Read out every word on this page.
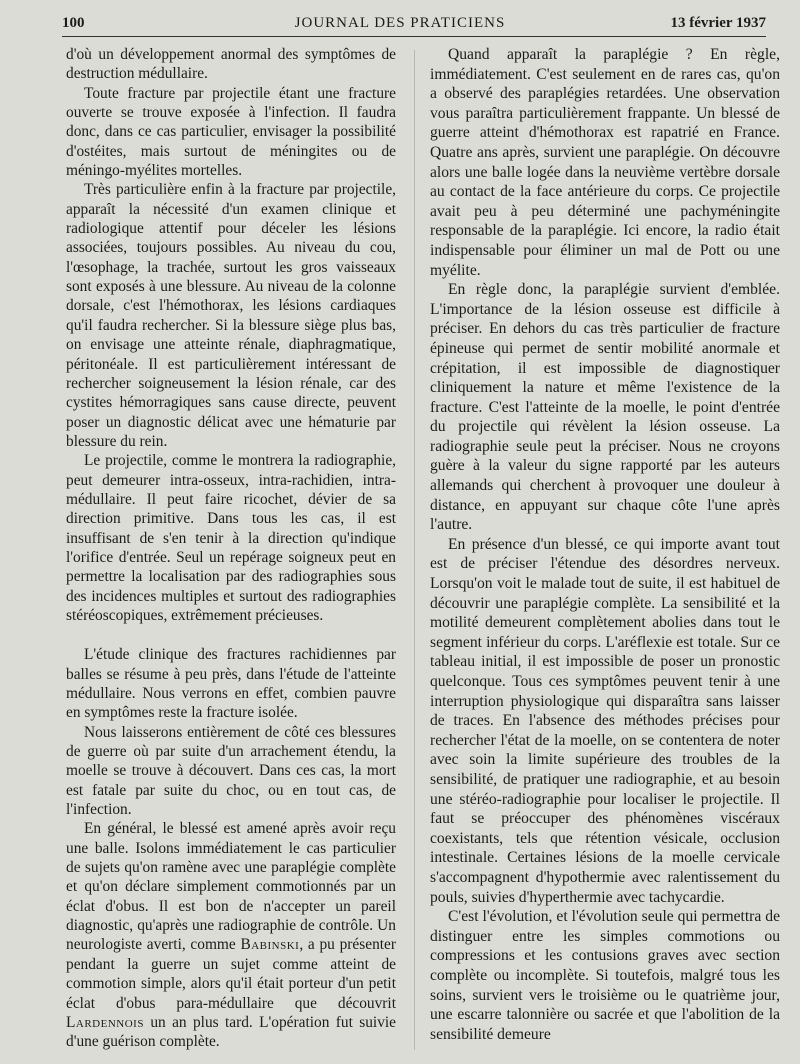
100	JOURNAL DES PRATICIENS	13 février 1937

d'où un développement anormal des symptômes de destruction médullaire.

Toute fracture par projectile étant une fracture ouverte se trouve exposée à l'infection. Il faudra donc, dans ce cas particulier, envisager la possibilité d'ostéites, mais surtout de méningites ou de méningo-myélites mortelles.

Très particulière enfin à la fracture par projectile, apparaît la nécessité d'un examen clinique et radiologique attentif pour déceler les lésions associées, toujours possibles. Au niveau du cou, l'œsophage, la trachée, surtout les gros vaisseaux sont exposés à une blessure. Au niveau de la colonne dorsale, c'est l'hémothorax, les lésions cardiaques qu'il faudra rechercher. Si la blessure siège plus bas, on envisage une atteinte rénale, diaphragmatique, péritonéale. Il est particulièrement intéressant de rechercher soigneusement la lésion rénale, car des cystites hémorragiques sans cause directe, peuvent poser un diagnostic délicat avec une hématurie par blessure du rein.

Le projectile, comme le montrera la radiographie, peut demeurer intra-osseux, intra-rachidien, intra-médullaire. Il peut faire ricochet, dévier de sa direction primitive. Dans tous les cas, il est insuffisant de s'en tenir à la direction qu'indique l'orifice d'entrée. Seul un repérage soigneux peut en permettre la localisation par des radiographies sous des incidences multiples et surtout des radiographies stéréoscopiques, extrêmement précieuses.

L'étude clinique des fractures rachidiennes par balles se résume à peu près, dans l'étude de l'atteinte médullaire. Nous verrons en effet, combien pauvre en symptômes reste la fracture isolée.

Nous laisserons entièrement de côté ces blessures de guerre où par suite d'un arrachement étendu, la moelle se trouve à découvert. Dans ces cas, la mort est fatale par suite du choc, ou en tout cas, de l'infection.

En général, le blessé est amené après avoir reçu une balle. Isolons immédiatement le cas particulier de sujets qu'on ramène avec une paraplégie complète et qu'on déclare simplement commotionnés par un éclat d'obus. Il est bon de n'accepter un pareil diagnostic, qu'après une radiographie de contrôle. Un neurologiste averti, comme Babinski, a pu présenter pendant la guerre un sujet comme atteint de commotion simple, alors qu'il était porteur d'un petit éclat d'obus para-médullaire que découvrit Lardennois un an plus tard. L'opération fut suivie d'une guérison complète.

Quand apparaît la paraplégie ? En règle, immédiatement. C'est seulement en de rares cas, qu'on a observé des paraplégies retardées. Une observation vous paraîtra particulièrement frappante. Un blessé de guerre atteint d'hémothorax est rapatrié en France. Quatre ans après, survient une paraplégie. On découvre alors une balle logée dans la neuvième vertèbre dorsale au contact de la face antérieure du corps. Ce projectile avait peu à peu déterminé une pachyméningite responsable de la paraplégie. Ici encore, la radio était indispensable pour éliminer un mal de Pott ou une myélite.

En règle donc, la paraplégie survient d'emblée. L'importance de la lésion osseuse est difficile à préciser. En dehors du cas très particulier de fracture épineuse qui permet de sentir mobilité anormale et crépitation, il est impossible de diagnostiquer cliniquement la nature et même l'existence de la fracture. C'est l'atteinte de la moelle, le point d'entrée du projectile qui révèlent la lésion osseuse. La radiographie seule peut la préciser. Nous ne croyons guère à la valeur du signe rapporté par les auteurs allemands qui cherchent à provoquer une douleur à distance, en appuyant sur chaque côte l'une après l'autre.

En présence d'un blessé, ce qui importe avant tout est de préciser l'étendue des désordres nerveux. Lorsqu'on voit le malade tout de suite, il est habituel de découvrir une paraplégie complète. La sensibilité et la motilité demeurent complètement abolies dans tout le segment inférieur du corps. L'aréflexie est totale. Sur ce tableau initial, il est impossible de poser un pronostic quelconque. Tous ces symptômes peuvent tenir à une interruption physiologique qui disparaîtra sans laisser de traces. En l'absence des méthodes précises pour rechercher l'état de la moelle, on se contentera de noter avec soin la limite supérieure des troubles de la sensibilité, de pratiquer une radiographie, et au besoin une stéréo-radiographie pour localiser le projectile. Il faut se préoccuper des phénomènes viscéraux coexistants, tels que rétention vésicale, occlusion intestinale. Certaines lésions de la moelle cervicale s'accompagnent d'hypothermie avec ralentissement du pouls, suivies d'hyperthermie avec tachycardie.

C'est l'évolution, et l'évolution seule qui permettra de distinguer entre les simples commotions ou compressions et les contusions graves avec section complète ou incomplète. Si toutefois, malgré tous les soins, survient vers le troisième ou le quatrième jour, une escarre talonnière ou sacrée et que l'abolition de la sensibilité demeure
